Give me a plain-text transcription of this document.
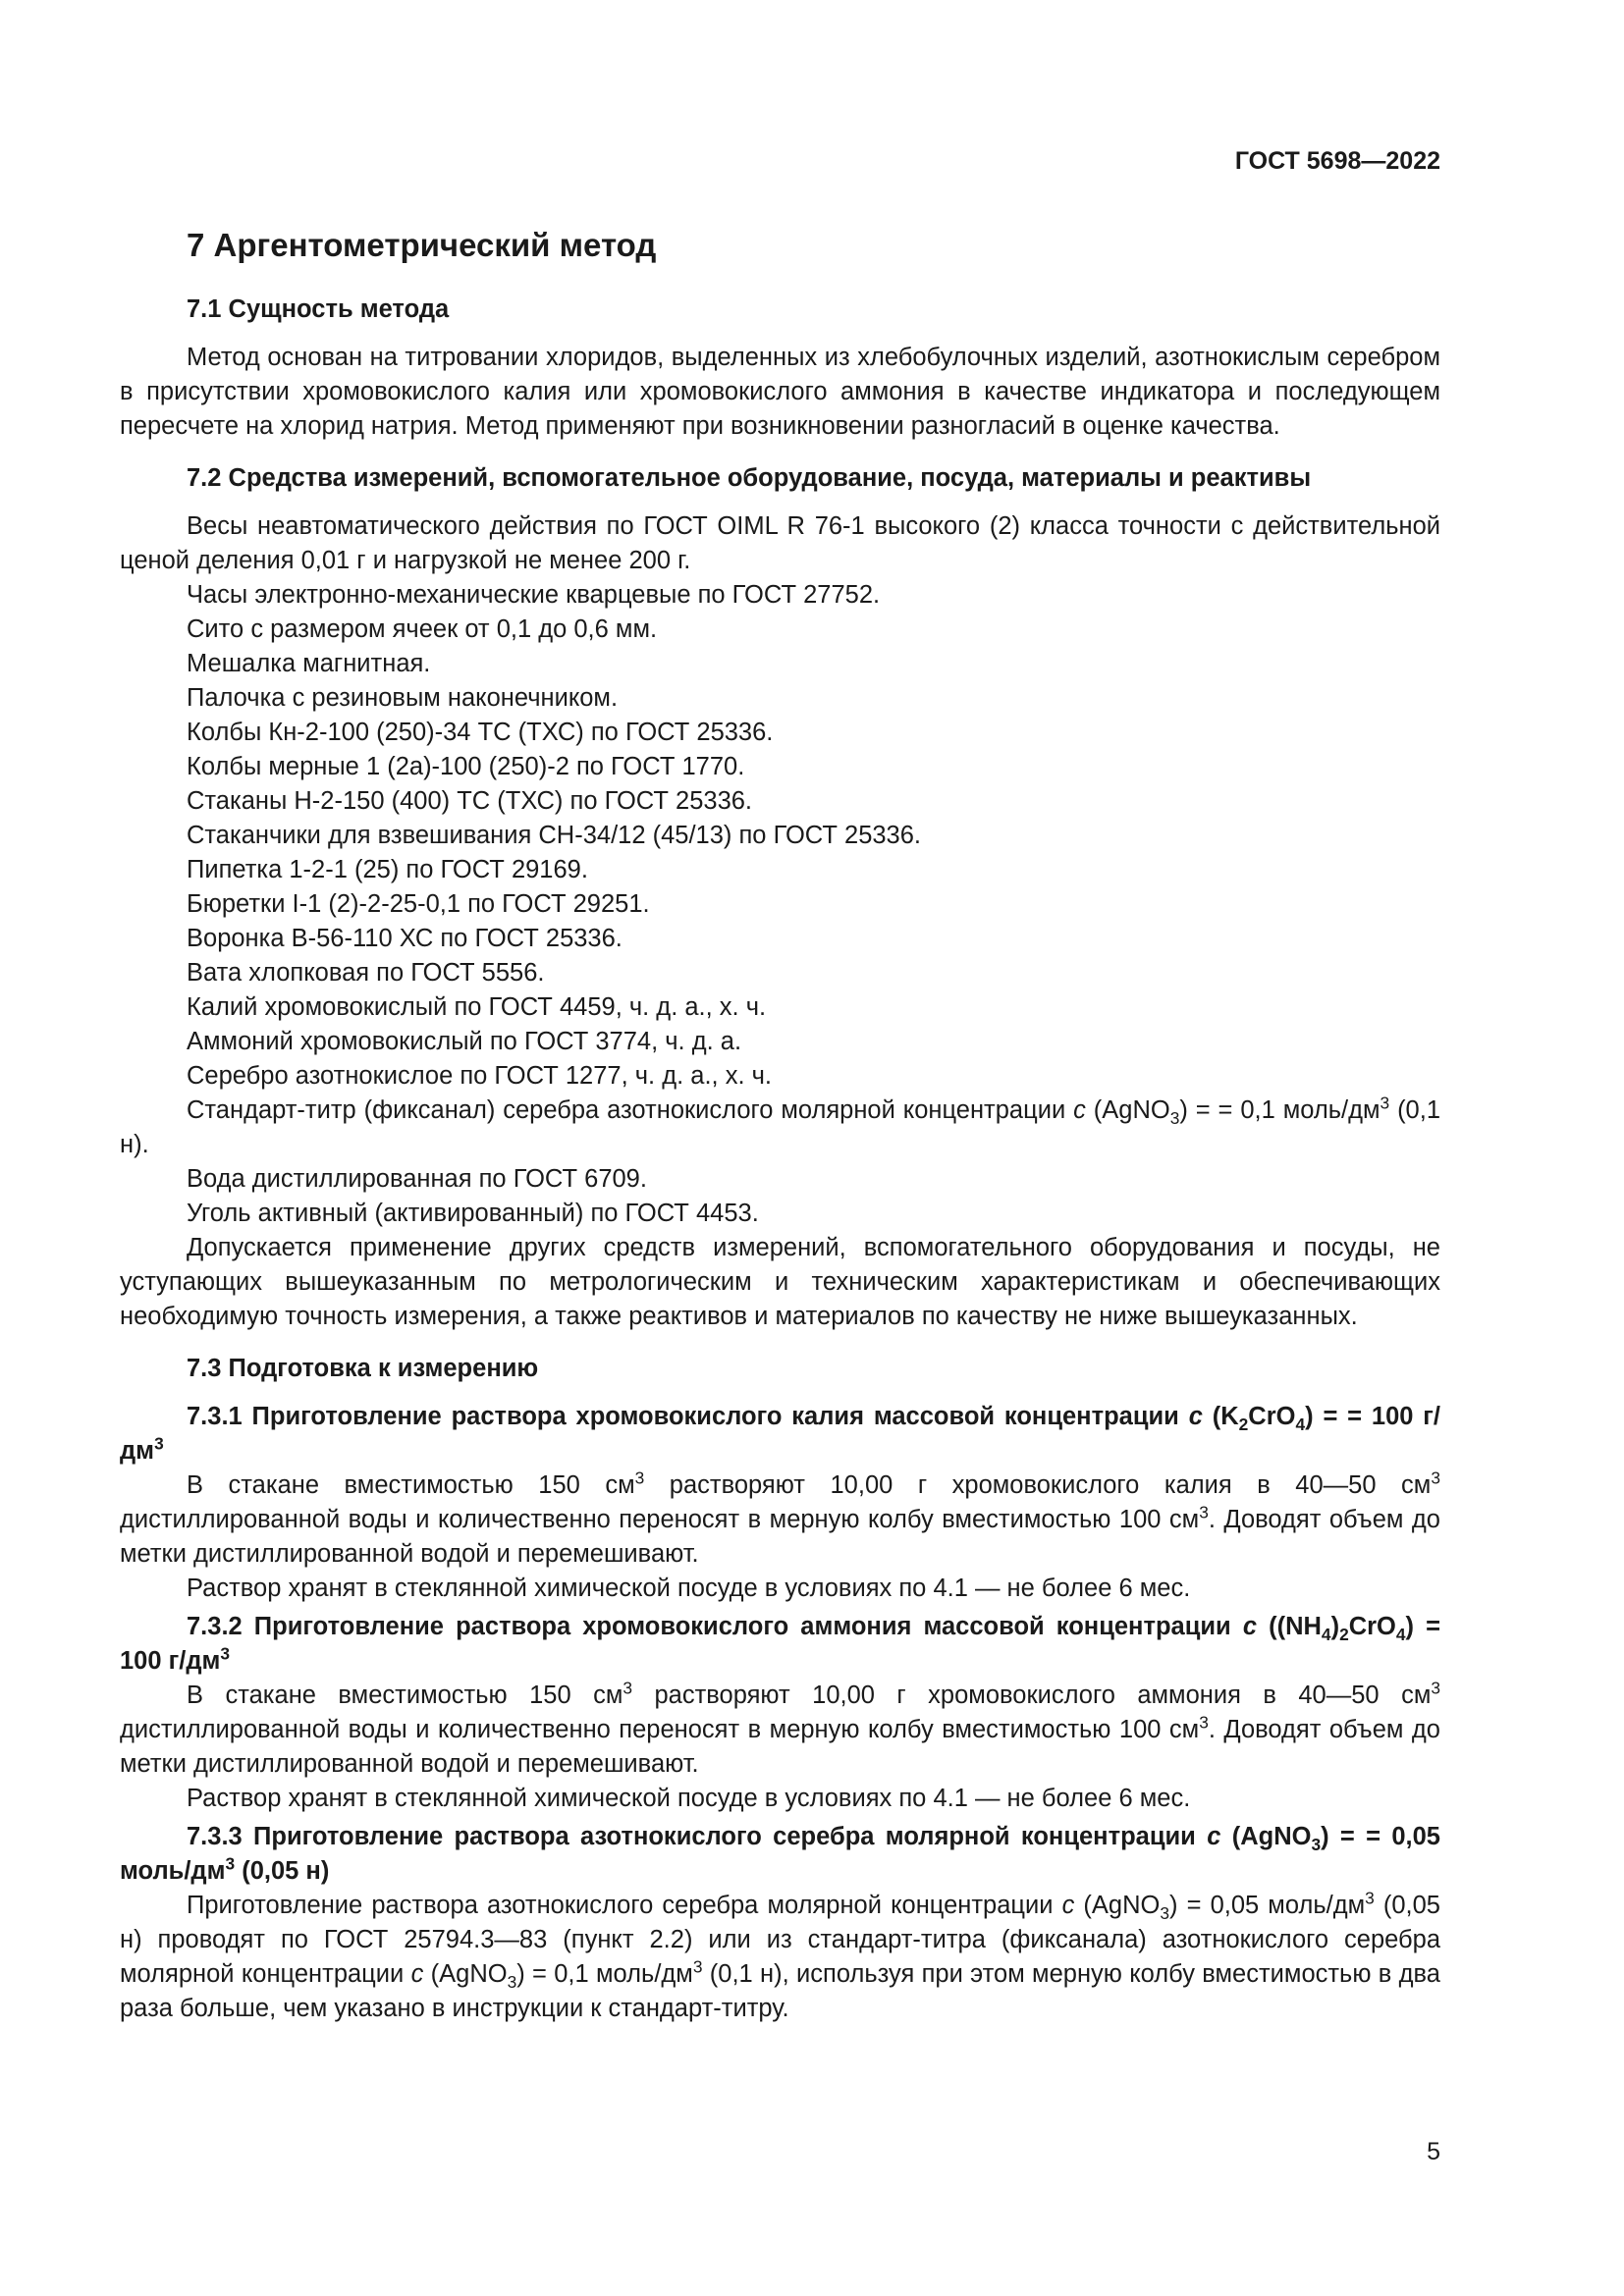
ГОСТ 5698—2022
7 Аргентометрический метод
7.1 Сущность метода

Метод основан на титровании хлоридов, выделенных из хлебобулочных изделий, азотнокислым серебром в присутствии хромовокислого калия или хромовокислого аммония в качестве индикатора и последующем пересчете на хлорид натрия. Метод применяют при возникновении разногласий в оценке качества.

7.2 Средства измерений, вспомогательное оборудование, посуда, материалы и реактивы

Весы неавтоматического действия по ГОСТ OIML R 76-1 высокого (2) класса точности с действительной ценой деления 0,01 г и нагрузкой не менее 200 г.

Часы электронно-механические кварцевые по ГОСТ 27752.

Сито с размером ячеек от 0,1 до 0,6 мм.

Мешалка магнитная.

Палочка с резиновым наконечником.

Колбы Кн-2-100 (250)-34 ТС (ТХС) по ГОСТ 25336.

Колбы мерные 1 (2а)-100 (250)-2 по ГОСТ 1770.

Стаканы Н-2-150 (400) ТС (ТХС) по ГОСТ 25336.

Стаканчики для взвешивания СН-34/12 (45/13) по ГОСТ 25336.

Пипетка 1-2-1 (25) по ГОСТ 29169.

Бюретки I-1 (2)-2-25-0,1 по ГОСТ 29251.

Воронка В-56-110 ХС по ГОСТ 25336.

Вата хлопковая по ГОСТ 5556.

Калий хромовокислый по ГОСТ 4459, ч. д. а., х. ч.

Аммоний хромовокислый по ГОСТ 3774, ч. д. а.

Серебро азотнокислое по ГОСТ 1277, ч. д. а., х. ч.

Стандарт-титр (фиксанал) серебра азотнокислого молярной концентрации c (AgNO$_3$) = = 0,1 моль/$дм^3$ (0,1 н).

Вода дистиллированная по ГОСТ 6709.

Уголь активный (активированный) по ГОСТ 4453.

Допускается применение других средств измерений, вспомогательного оборудования и посуды, не уступающих вышеуказанным по метрологическим и техническим характеристикам и обеспечивающих необходимую точность измерения, а также реактивов и материалов по качеству не ниже вышеуказанных.

7.3 Подготовка к измерению
7.3.1 Приготовление раствора хромовокислого калия массовой концентрации c $(K_2CrO_4)$ = = 100 $г/дм^3$

В стакане вместимостью 150 $см^3$ растворяют 10,00 г хромовокислого калия в 40—50 $см^3$ дистиллированной воды и количественно переносят в мерную колбу вместимостью 100 $см^3$. Доводят объем до метки дистиллированной водой и перемешивают.

Раствор хранят в стеклянной химической посуде в условиях по 4.1 — не более 6 мес.

7.3.2 Приготовление раствора хромовокислого аммония массовой концентрации c $((NH_4)_2CrO_4) = 100$ $г/дм^3$

В стакане вместимостью 150 $см^3$ растворяют 10,00 г хромовокислого аммония в 40—50 $см^3$ дистиллированной воды и количественно переносят в мерную колбу вместимостью 100 $см^3$. Доводят объем до метки дистиллированной водой и перемешивают.

Раствор хранят в стеклянной химической посуде в условиях по 4.1 — не более 6 мес.

7.3.3 Приготовление раствора азотнокислого серебра молярной концентрации c (AgNO$_3$) = = 0,05 моль/$дм^3$ (0,05 н)

Приготовление раствора азотнокислого серебра молярной концентрации c (AgNO$_3$) = 0,05 моль/$дм^3$ (0,05 н) проводят по ГОСТ 25794.3—83 (пункт 2.2) или из стандарт-титра (фиксанала) азотнокислого серебра молярной концентрации c (AgNO$_3$) = 0,1 моль/$дм^3$ (0,1 н), используя при этом мерную колбу вместимостью в два раза больше, чем указано в инструкции к стандарт-титру.

5
